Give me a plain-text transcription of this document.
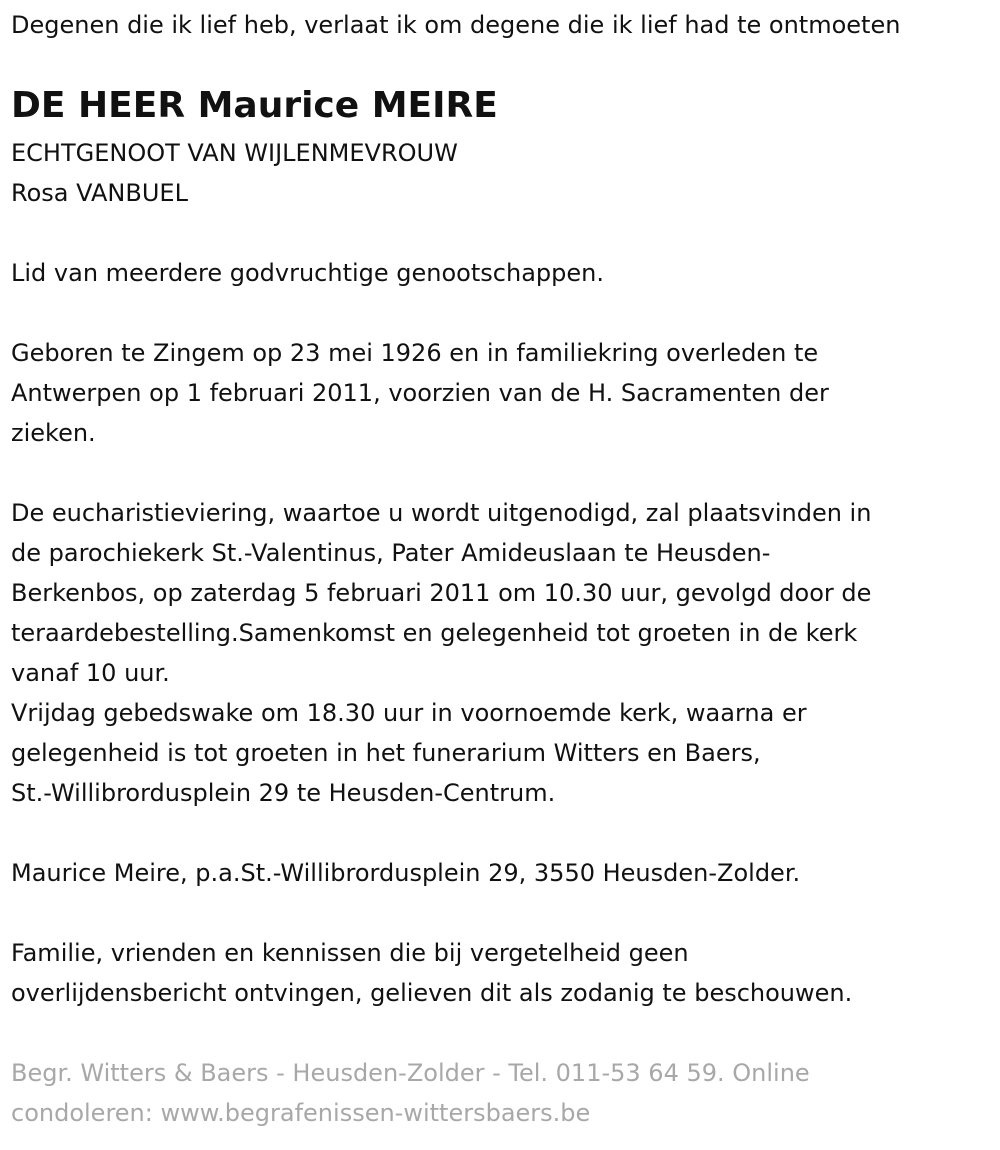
Degenen die ik lief heb, verlaat ik om degene die ik lief had te ontmoeten
DE HEER Maurice MEIRE
ECHTGENOOT VAN WIJLENMEVROUW
Rosa VANBUEL
Lid van meerdere godvruchtige genootschappen.
Geboren te Zingem op 23 mei 1926 en in familiekring overleden te
Antwerpen op 1 februari 2011, voorzien van de H. Sacramenten der
zieken.
De eucharistieviering, waartoe u wordt uitgenodigd, zal plaatsvinden in
de parochiekerk St.-Valentinus, Pater Amideuslaan te Heusden-
Berkenbos, op zaterdag 5 februari 2011 om 10.30 uur, gevolgd door de
teraardebestelling.Samenkomst en gelegenheid tot groeten in de kerk
vanaf 10 uur.
Vrijdag gebedswake om 18.30 uur in voornoemde kerk, waarna er
gelegenheid is tot groeten in het funerarium Witters en Baers,
St.-Willibrordusplein 29 te Heusden-Centrum.
Maurice Meire, p.a.St.-Willibrordusplein 29, 3550 Heusden-Zolder.
Familie, vrienden en kennissen die bij vergetelheid geen
overlijdensbericht ontvingen, gelieven dit als zodanig te beschouwen.
Begr. Witters & Baers - Heusden-Zolder - Tel. 011-53 64 59. Online
condoleren: www.begrafenissen-wittersbaers.be
